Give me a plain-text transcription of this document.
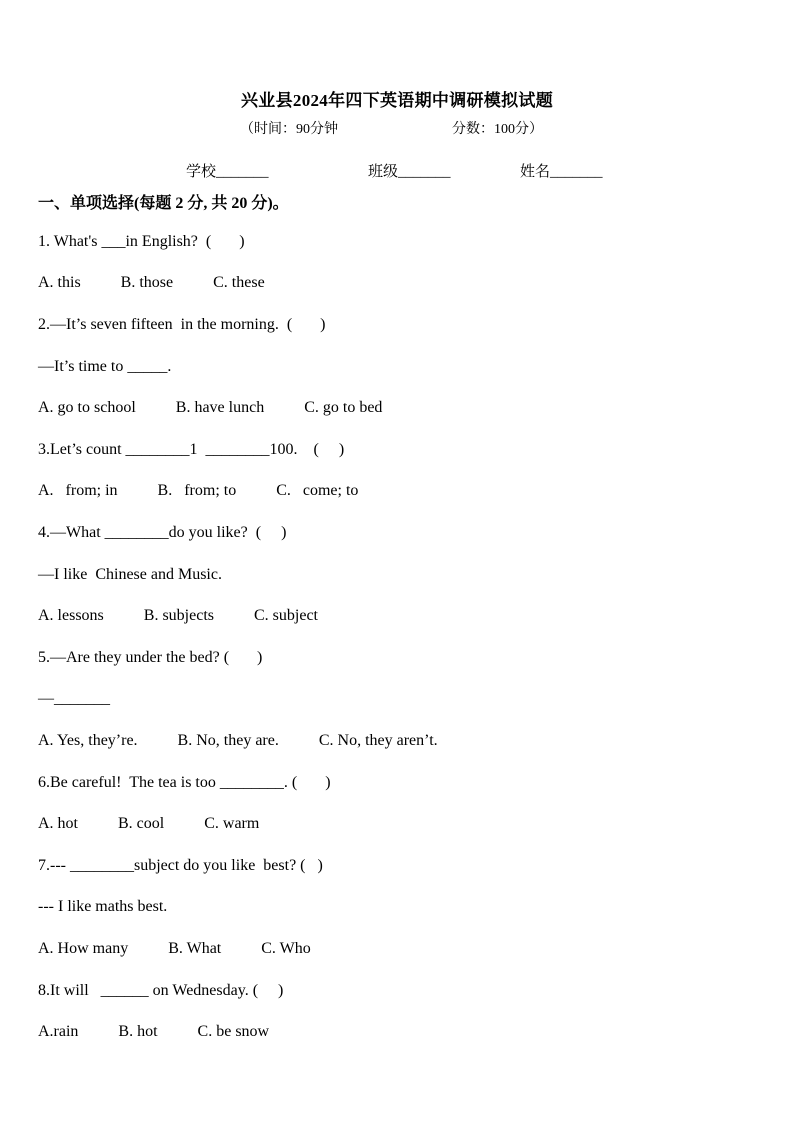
兴业县2024年四下英语期中调研模拟试题
（时间：90分钟	分数：100分）
学校_______	班级_______	姓名_______
一、单项选择(每题 2 分, 共 20 分)。
1. What's ___in English?  (       )
A. this          B. those          C. these
2.—It’s seven fifteen  in the morning.  (       )
—It’s time to _____.
A. go to school          B. have lunch          C. go to bed
3.Let’s count ________1  ________100.    (     )
A.   from; in          B.   from; to          C.   come; to
4.—What ________do you like?  (     )
—I like  Chinese and Music.
A. lessons          B. subjects          C. subject
5.—Are they under the bed? (       )
—_______
A. Yes, they’re.          B. No, they are.          C. No, they aren’t.
6.Be careful!  The tea is too ________. (       )
A. hot          B. cool          C. warm
7.--- ________subject do you like  best? (   )
--- I like maths best.
A. How many          B. What          C. Who
8.It will   ______ on Wednesday. (     )
A.rain          B. hot          C. be snow
